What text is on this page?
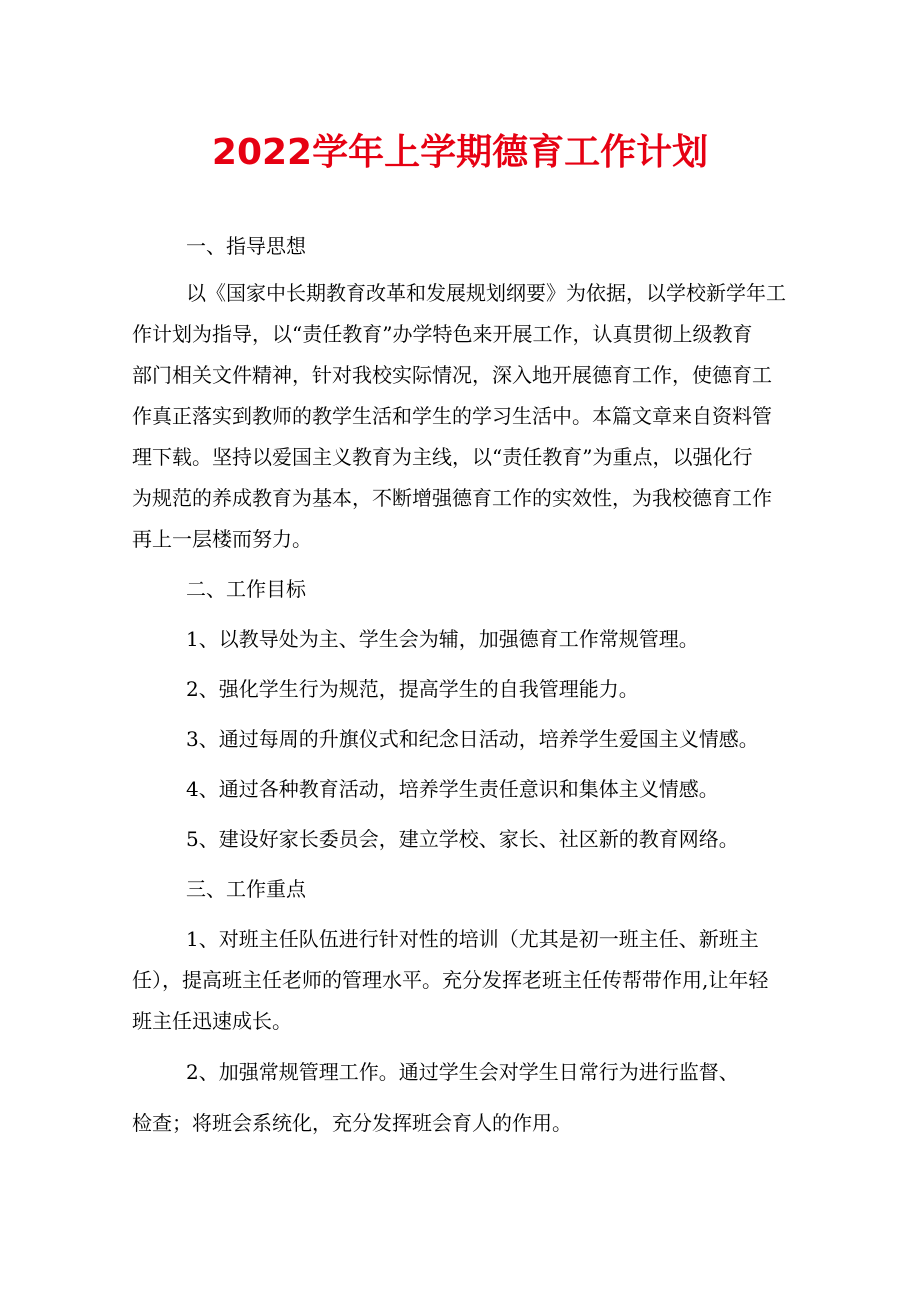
2022学年上学期德育工作计划
一、指导思想
以《国家中长期教育改革和发展规划纲要》为依据，以学校新学年工
作计划为指导，以“责任教育”办学特色来开展工作，认真贯彻上级教育
部门相关文件精神，针对我校实际情况，深入地开展德育工作，使德育工
作真正落实到教师的教学生活和学生的学习生活中。本篇文章来自资料管
理下载。坚持以爱国主义教育为主线，以“责任教育”为重点，以强化行
为规范的养成教育为基本，不断增强德育工作的实效性，为我校德育工作
再上一层楼而努力。
二、工作目标
1、以教导处为主、学生会为辅，加强德育工作常规管理。
2、强化学生行为规范，提高学生的自我管理能力。
3、通过每周的升旗仪式和纪念日活动，培养学生爱国主义情感。
4、通过各种教育活动，培养学生责任意识和集体主义情感。
5、建设好家长委员会，建立学校、家长、社区新的教育网络。
三、工作重点
1、对班主任队伍进行针对性的培训（尤其是初一班主任、新班主
任），提高班主任老师的管理水平。充分发挥老班主任传帮带作用,让年轻
班主任迅速成长。
2、加强常规管理工作。通过学生会对学生日常行为进行监督、
检查；将班会系统化，充分发挥班会育人的作用。
